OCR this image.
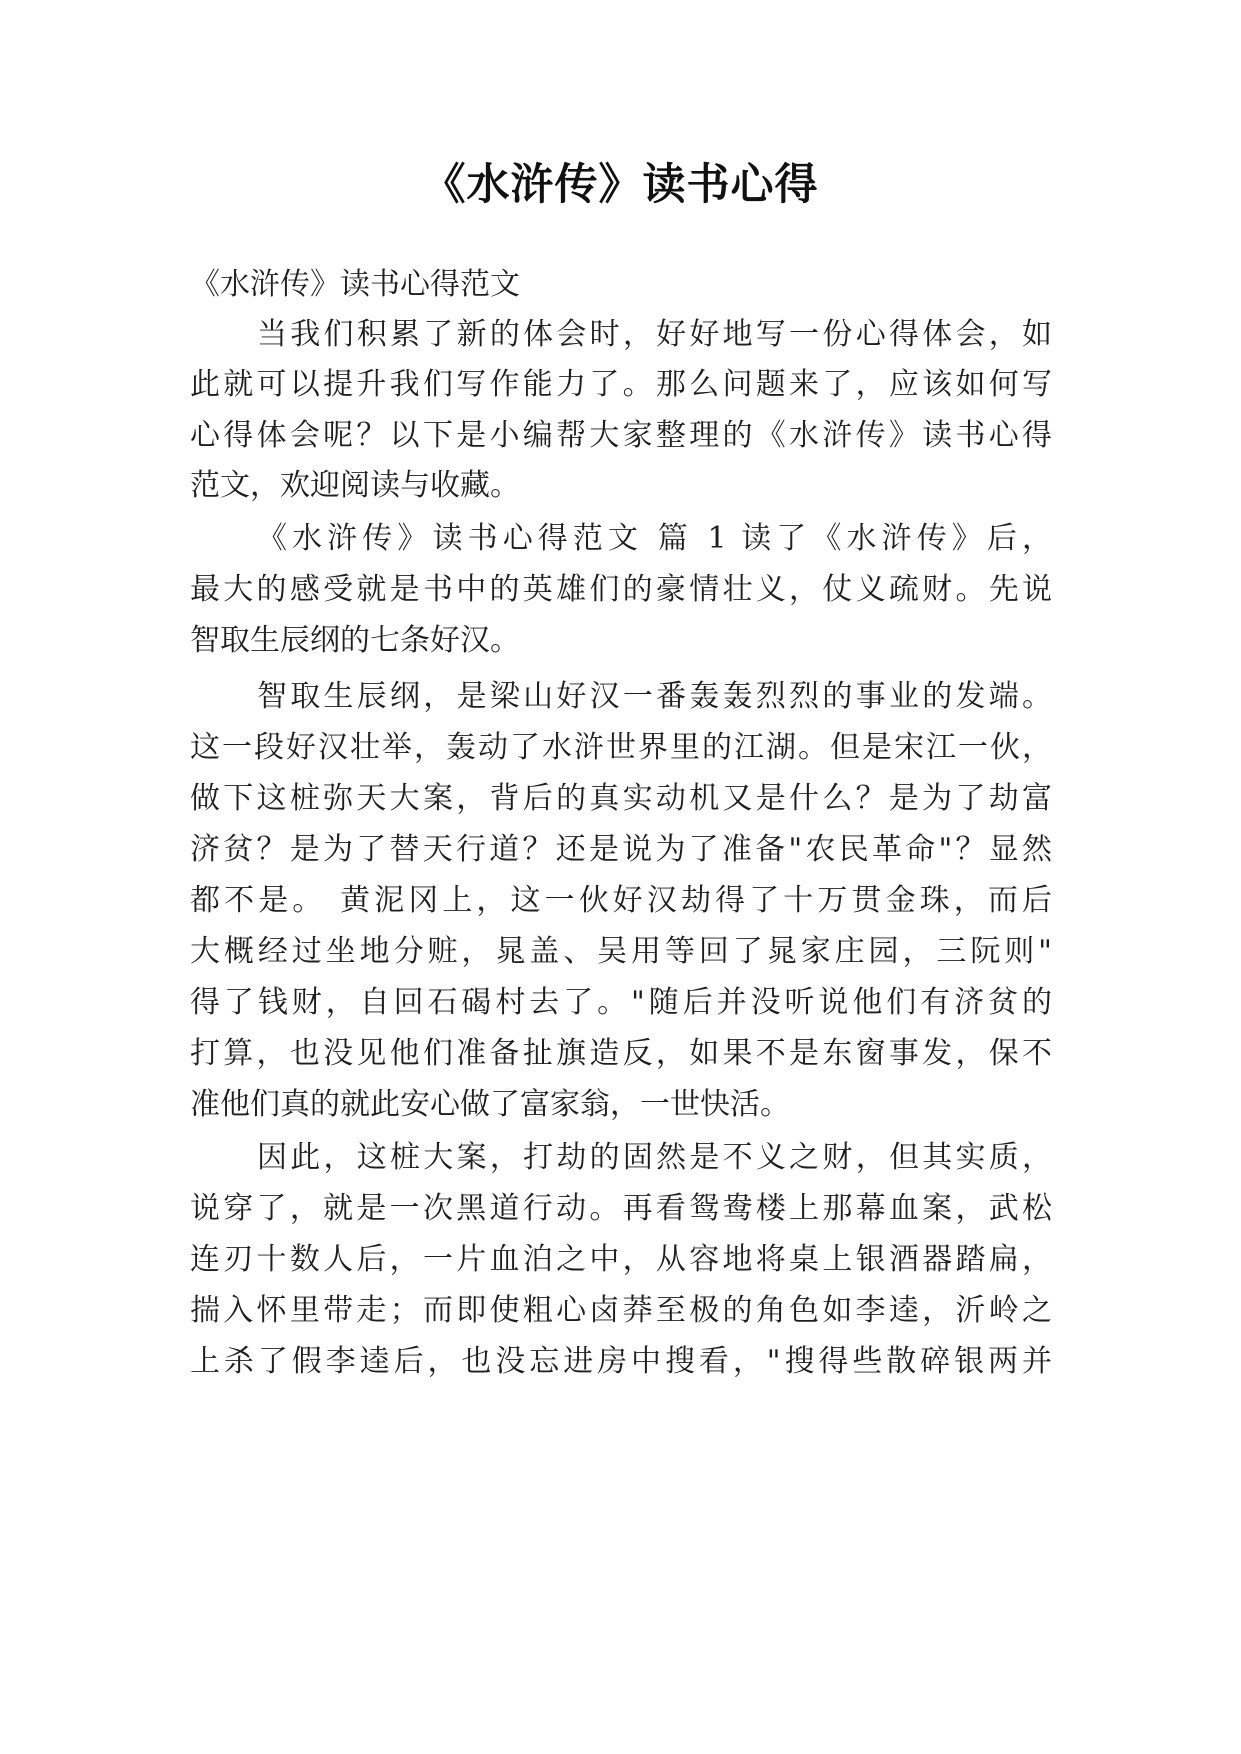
《水浒传》读书心得
《水浒传》读书心得范文
当我们积累了新的体会时，好好地写一份心得体会，如
此就可以提升我们写作能力了。那么问题来了，应该如何写
心得体会呢？以下是小编帮大家整理的《水浒传》读书心得
范文，欢迎阅读与收藏。
《水浒传》读书心得范文 篇 1 读了《水浒传》后，
最大的感受就是书中的英雄们的豪情壮义，仗义疏财。先说
智取生辰纲的七条好汉。
智取生辰纲，是梁山好汉一番轰轰烈烈的事业的发端。
这一段好汉壮举，轰动了水浒世界里的江湖。但是宋江一伙，
做下这桩弥天大案，背后的真实动机又是什么？是为了劫富
济贫？是为了替天行道？还是说为了准备"农民革命"？显然
都不是。 黄泥冈上，这一伙好汉劫得了十万贯金珠，而后
大概经过坐地分赃，晁盖、吴用等回了晁家庄园，三阮则"
得了钱财，自回石碣村去了。"随后并没听说他们有济贫的
打算，也没见他们准备扯旗造反，如果不是东窗事发，保不
准他们真的就此安心做了富家翁，一世快活。
因此，这桩大案，打劫的固然是不义之财，但其实质，
说穿了，就是一次黑道行动。再看鸳鸯楼上那幕血案，武松
连刃十数人后，一片血泊之中，从容地将桌上银酒器踏扁，
揣入怀里带走；而即使粗心卤莽至极的角色如李逵，沂岭之
上杀了假李逵后，也没忘进房中搜看，"搜得些散碎银两并
